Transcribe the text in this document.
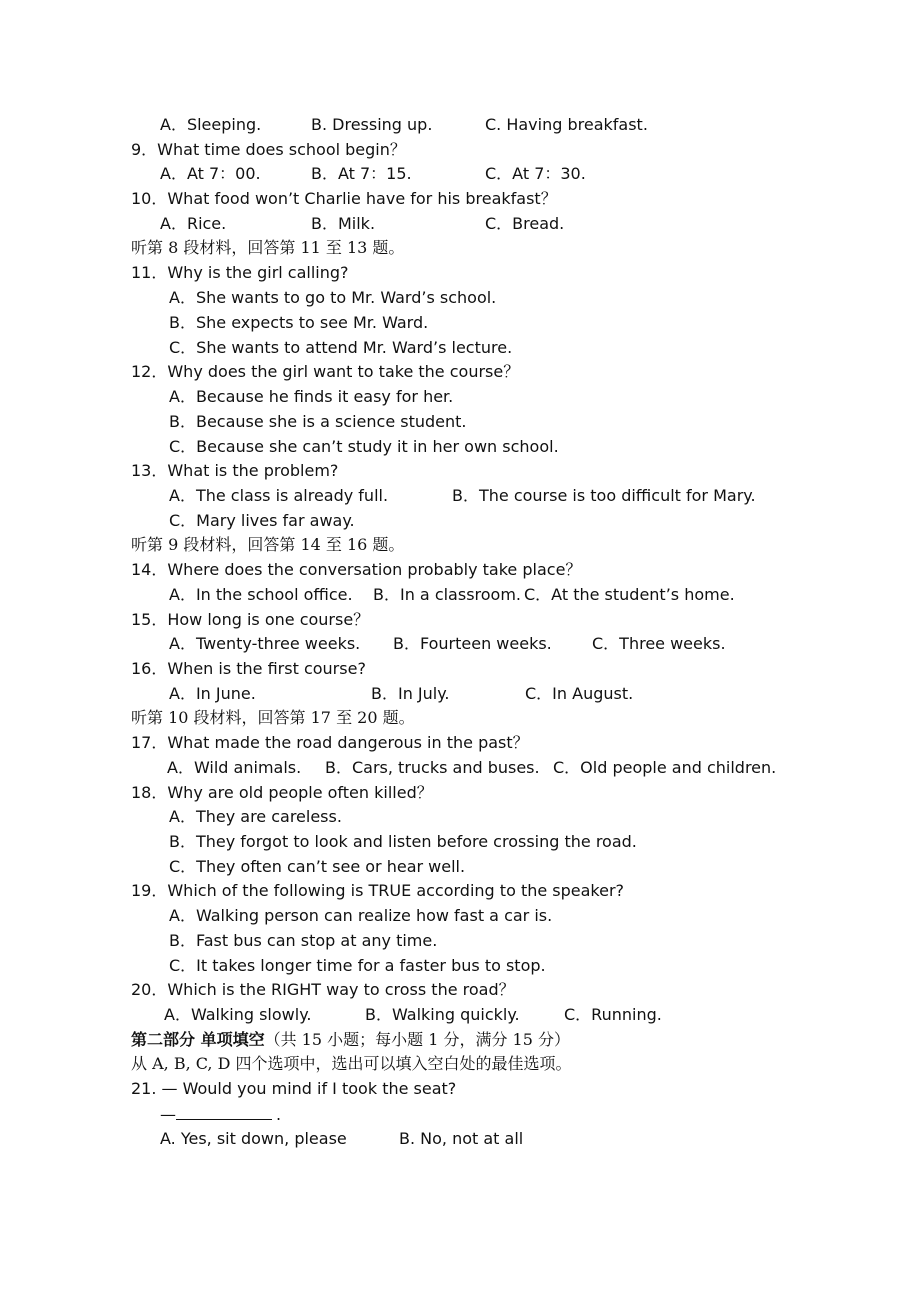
A．Sleeping.	B. Dressing up.	C. Having breakfast.
9．What time does school begin？
A．At 7：00.	B．At 7：15.	C．At 7：30.
10．What food won’t Charlie have for his breakfast？
A．Rice.	B．Milk.	C．Bread.
听第 8 段材料，回答第 11 至 13 题。
11．Why is the girl calling?
A．She wants to go to Mr. Ward’s school.
B．She expects to see Mr. Ward.
C．She wants to attend Mr. Ward’s lecture.
12．Why does the girl want to take the course？
A．Because he finds it easy for her.
B．Because she is a science student.
C．Because she can’t study it in her own school.
13．What is the problem?
A．The class is already full.	B．The course is too difficult for Mary.
C．Mary lives far away.
听第 9 段材料，回答第 14 至 16 题。
14．Where does the conversation probably take place？
A．In the school office. B．In a classroom. C．At the student’s home.
15．How long is one course？
A．Twenty-three weeks. B．Fourteen weeks.	C．Three weeks.
16．When is the first course?
A．In June.	B．In July.	C．In August.
听第 10 段材料，回答第 17 至 20 题。
17．What made the road dangerous in the past？
A．Wild animals. B．Cars, trucks and buses. C．Old people and children.
18．Why are old people often killed？
A．They are careless.
B．They forgot to look and listen before crossing the road.
C．They often can’t see or hear well.
19．Which of the following is TRUE according to the speaker?
A．Walking person can realize how fast a car is.
B．Fast bus can stop at any time.
C．It takes longer time for a faster bus to stop.
20．Which is the RIGHT way to cross the road？
A．Walking slowly.	B．Walking quickly.	C．Running.
第二部分 单项填空（共 15 小题；每小题 1 分，满分 15 分）
从 A, B, C, D 四个选项中，选出可以填入空白处的最佳选项。
21. — Would you mind if I took the seat?
—	.
A. Yes, sit down, please	B. No, not at all
